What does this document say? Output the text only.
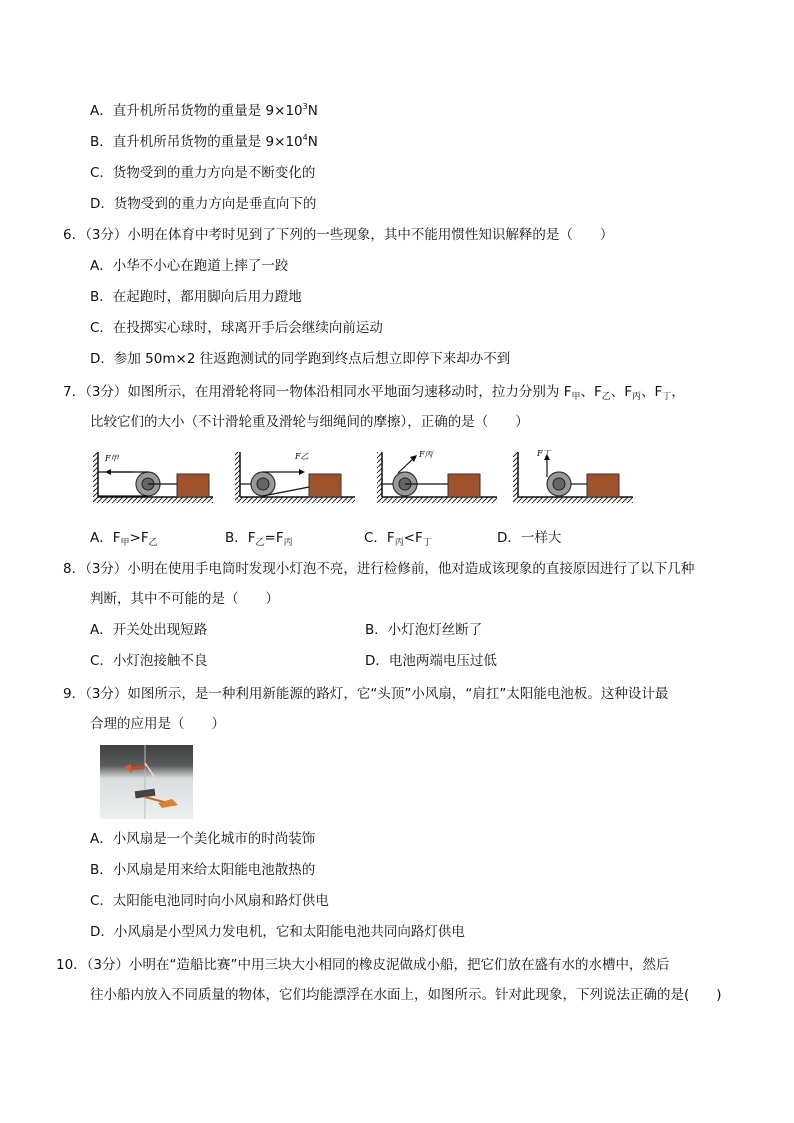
A．直升机所吊货物的重量是 $9\times 10^3N$
B．直升机所吊货物的重量是 $9\times 10^4N$
C．货物受到的重力方向是不断变化的
D．货物受到的重力方向是垂直向下的
6．（3分）小明在体育中考时见到了下列的一些现象，其中不能用惯性知识解释的是（　　）
A．小华不小心在跑道上摔了一跤
B．在起跑时，都用脚向后用力蹬地
C．在投掷实心球时，球离开手后会继续向前运动
D．参加 50m×2 往返跑测试的同学跑到终点后想立即停下来却办不到
7．（3分）如图所示，在用滑轮将同一物体沿相同水平地面匀速移动时，拉力分别为 $F_甲$、$F_乙$、$F_丙$、$F_丁$，
比较它们的大小（不计滑轮重及滑轮与细绳间的摩擦），正确的是（　　）
F甲	F乙	F丙	F丁
A．$F_甲>F_乙$	B．$F_乙=F_丙$	C．$F_丙<F_丁$	D．一样大
8．（3分）小明在使用手电筒时发现小灯泡不亮，进行检修前，他对造成该现象的直接原因进行了以下几种
判断，其中不可能的是（　　）
A．开关处出现短路	B．小灯泡灯丝断了
C．小灯泡接触不良	D．电池两端电压过低
9．（3分）如图所示，是一种利用新能源的路灯，它“头顶”小风扇，“肩扛”太阳能电池板。这种设计最
合理的应用是（　　）
A．小风扇是一个美化城市的时尚装饰
B．小风扇是用来给太阳能电池散热的
C．太阳能电池同时向小风扇和路灯供电
D．小风扇是小型风力发电机，它和太阳能电池共同向路灯供电
10．（3分）小明在“造船比赛”中用三块大小相同的橡皮泥做成小船，把它们放在盛有水的水槽中，然后
往小船内放入不同质量的物体，它们均能漂浮在水面上，如图所示。针对此现象，下列说法正确的是(　　)
